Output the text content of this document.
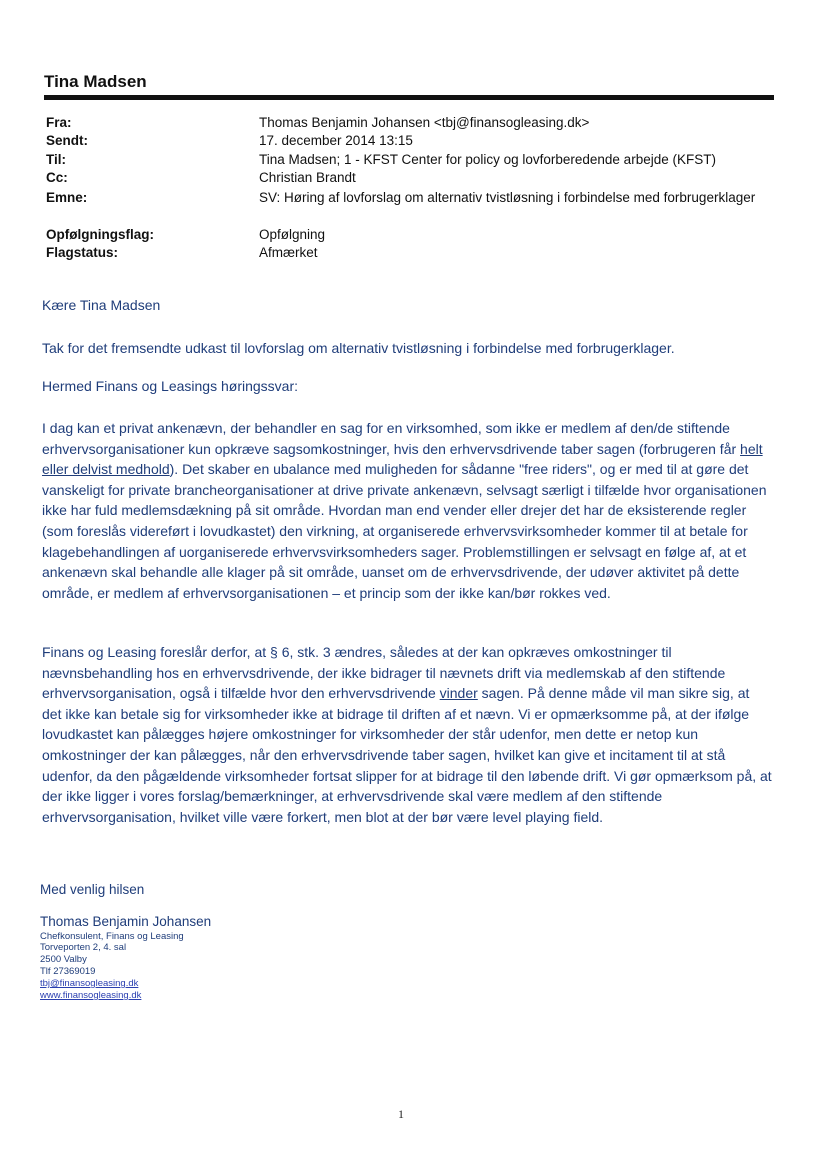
Tina Madsen
Fra:	Thomas Benjamin Johansen <tbj@finansogleasing.dk>
Sendt:	17. december 2014 13:15
Til:	Tina Madsen; 1 - KFST Center for policy og lovforberedende arbejde (KFST)
Cc:	Christian Brandt
Emne:	SV: Høring af lovforslag om alternativ tvistløsning i forbindelse med forbrugerklager
Opfølgningsflag:	Opfølgning
Flagstatus:	Afmærket
Kære Tina Madsen
Tak for det fremsendte udkast til lovforslag om alternativ tvistløsning i forbindelse med forbrugerklager.
Hermed Finans og Leasings høringssvar:
I dag kan et privat ankenævn, der behandler en sag for en virksomhed, som ikke er medlem af den/de stiftende erhvervsorganisationer kun opkræve sagsomkostninger, hvis den erhvervsdrivende taber sagen (forbrugeren får helt eller delvist medhold). Det skaber en ubalance med muligheden for sådanne "free riders", og er med til at gøre det vanskeligt for private brancheorganisationer at drive private ankenævn, selvsagt særligt i tilfælde hvor organisationen ikke har fuld medlemsdækning på sit område. Hvordan man end vender eller drejer det har de eksisterende regler (som foreslås videreført i lovudkastet) den virkning, at organiserede erhvervsvirksomheder kommer til at betale for klagebehandlingen af uorganiserede erhvervsvirksomheders sager. Problemstillingen er selvsagt en følge af, at et ankenævn skal behandle alle klager på sit område, uanset om de erhvervsdrivende, der udøver aktivitet på dette område, er medlem af erhvervsorganisationen – et princip som der ikke kan/bør rokkes ved.
Finans og Leasing foreslår derfor, at § 6, stk. 3 ændres, således at der kan opkræves omkostninger til nævnsbehandling hos en erhvervsdrivende, der ikke bidrager til nævnets drift via medlemskab af den stiftende erhvervsorganisation, også i tilfælde hvor den erhvervsdrivende vinder sagen. På denne måde vil man sikre sig, at det ikke kan betale sig for virksomheder ikke at bidrage til driften af et nævn. Vi er opmærksomme på, at der ifølge lovudkastet kan pålægges højere omkostninger for virksomheder der står udenfor, men dette er netop kun omkostninger der kan pålægges, når den erhvervsdrivende taber sagen, hvilket kan give et incitament til at stå udenfor, da den pågældende virksomheder fortsat slipper for at bidrage til den løbende drift. Vi gør opmærksom på, at der ikke ligger i vores forslag/bemærkninger, at erhvervsdrivende skal være medlem af den stiftende erhvervsorganisation, hvilket ville være forkert, men blot at der bør være level playing field.
Med venlig hilsen
Thomas Benjamin Johansen
Chefkonsulent, Finans og Leasing
Torveporten 2, 4. sal
2500 Valby
Tlf 27369019
tbj@finansogleasing.dk
www.finansogleasing.dk
1
